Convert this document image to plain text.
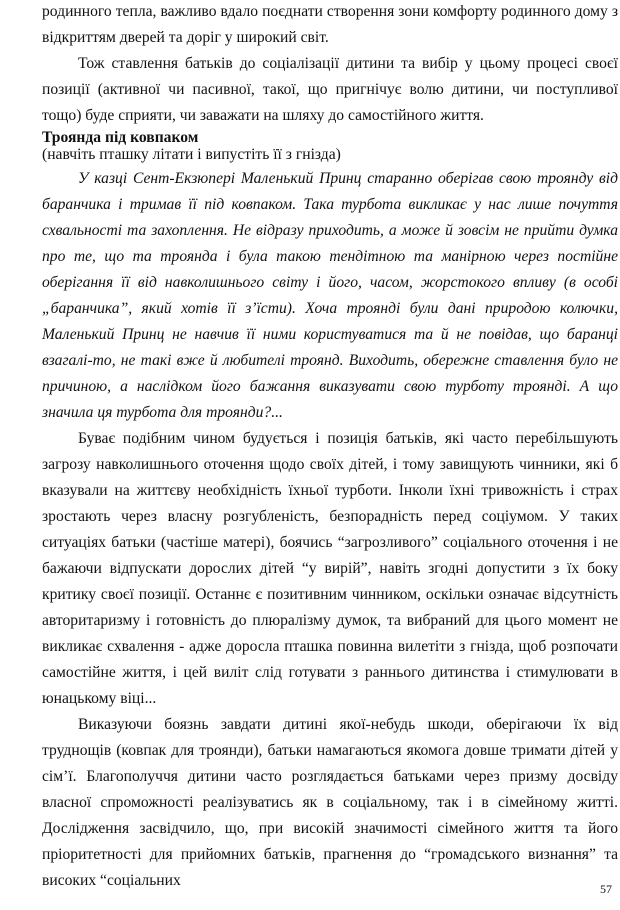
родинного тепла, важливо вдало поєднати створення зони комфорту родинного дому з відкриттям дверей та доріг у широкий світ.

Тож ставлення батьків до соціалізації дитини та вибір у цьому процесі своєї позиції (активної чи пасивної, такої, що пригнічує волю дитини, чи поступливої тощо) буде сприяти, чи заважати на шляху до самостійного життя.

Троянда під ковпаком

(навчіть пташку літати і випустіть її з гнізда)

У казці Сент-Екзюпері Маленький Принц старанно оберігав свою троянду від баранчика і тримав її під ковпаком. Така турбота викликає у нас лише почуття схвальності та захоплення. Не відразу приходить, а може й зовсім не прийти думка про те, що та троянда і була такою тендітною та манірною через постійне оберігання її від навколишнього світу і його, часом, жорстокого впливу (в особі „баранчика”, який хотів її з’їсти). Хоча троянді були дані природою колючки, Маленький Принц не навчив її ними користуватися та й не повідав, що баранці взагалі-то, не такі вже й любителі троянд. Виходить, обережне ставлення було не причиною, а наслідком його бажання виказувати свою турботу троянді. А що значила ця турбота для троянди?...

Буває подібним чином будується і позиція батьків, які часто перебільшують загрозу навколишнього оточення щодо своїх дітей, і тому завищують чинники, які б вказували на життєву необхідність їхньої турботи. Інколи їхні тривожність і страх зростають через власну розгубленість, безпорадність перед соціумом. У таких ситуаціях батьки (частіше матері), боячись “загрозливого” соціального оточення і не бажаючи відпускати дорослих дітей “у вирій”, навіть згодні допустити з їх боку критику своєї позиції. Останнє є позитивним чинником, оскільки означає відсутність авторитаризму і готовність до плюралізму думок, та вибраний для цього момент не викликає схвалення - адже доросла пташка повинна вилетіти з гнізда, щоб розпочати самостійне життя, і цей виліт слід готувати з раннього дитинства і стимулювати в юнацькому віці...

Виказуючи боязнь завдати дитині якої-небудь шкоди, оберігаючи їх від труднощів (ковпак для троянди), батьки намагаються якомога довше тримати дітей у сім’ї. Благополуччя дитини часто розглядається батьками через призму досвіду власної спроможності реалізуватись як в соціальному, так і в сімейному житті. Дослідження засвідчило, що, при високій значимості сімейного життя та його пріоритетності для прийомних батьків, прагнення до “громадського визнання” та високих “соціальних	57
